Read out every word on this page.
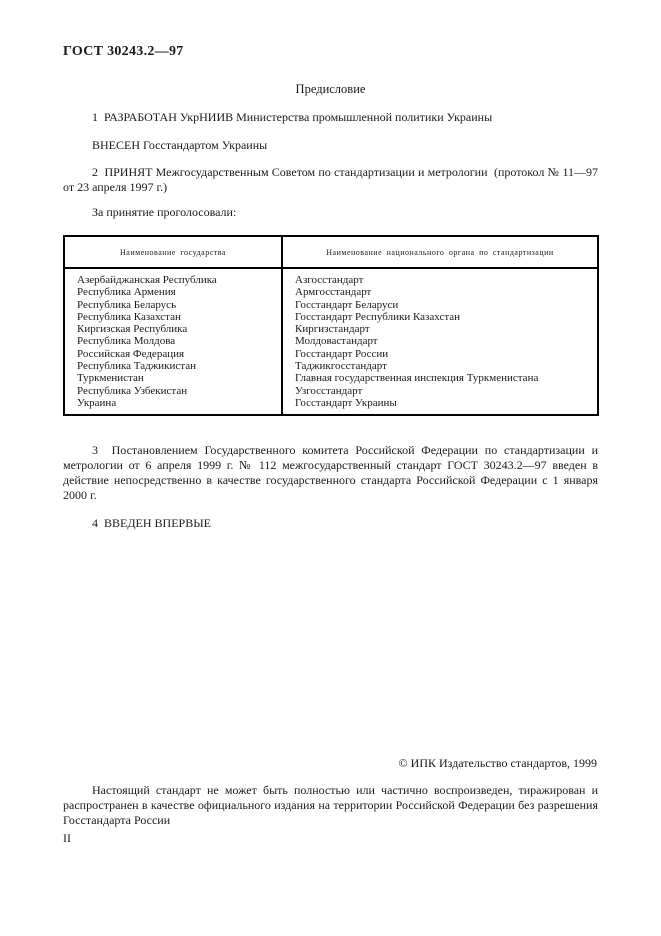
ГОСТ 30243.2—97
Предисловие

1  РАЗРАБОТАН УкрНИИВ Министерства промышленной политики Украины

ВНЕСЕН Госстандартом Украины

2  ПРИНЯТ Межгосударственным Советом по стандартизации и метрологии  (протокол № 11—97 от 23 апреля 1997 г.)

За принятие проголосовали:

Наименование государства	Наименование национального органа по стандартизации
Азербайджанская Республика	Азгосстандарт
Республика Армения	Армгосстандарт
Республика Беларусь	Госстандарт Беларуси
Республика Казахстан	Госстандарт Республики Казахстан
Киргизская Республика	Киргизстандарт
Республика Молдова	Молдовастандарт
Российская Федерация	Госстандарт России
Республика Таджикистан	Таджикгосстандарт
Туркменистан	Главная государственная инспекция Туркменистана
Республика Узбекистан	Узгосстандарт
Украина	Госстандарт Украины

3  Постановлением Государственного комитета Российской Федерации по стандартизации и метрологии от 6 апреля 1999 г. № 112 межгосударственный стандарт ГОСТ 30243.2—97 введен в действие непосредственно в качестве государственного стандарта Российской Федерации с 1 января 2000 г.

4  ВВЕДЕН ВПЕРВЫЕ

© ИПК Издательство стандартов, 1999
Настоящий стандарт не может быть полностью или частично воспроизведен, тиражирован и распространен в качестве официального издания на территории Российской Федерации без разрешения Госстандарта России
II
